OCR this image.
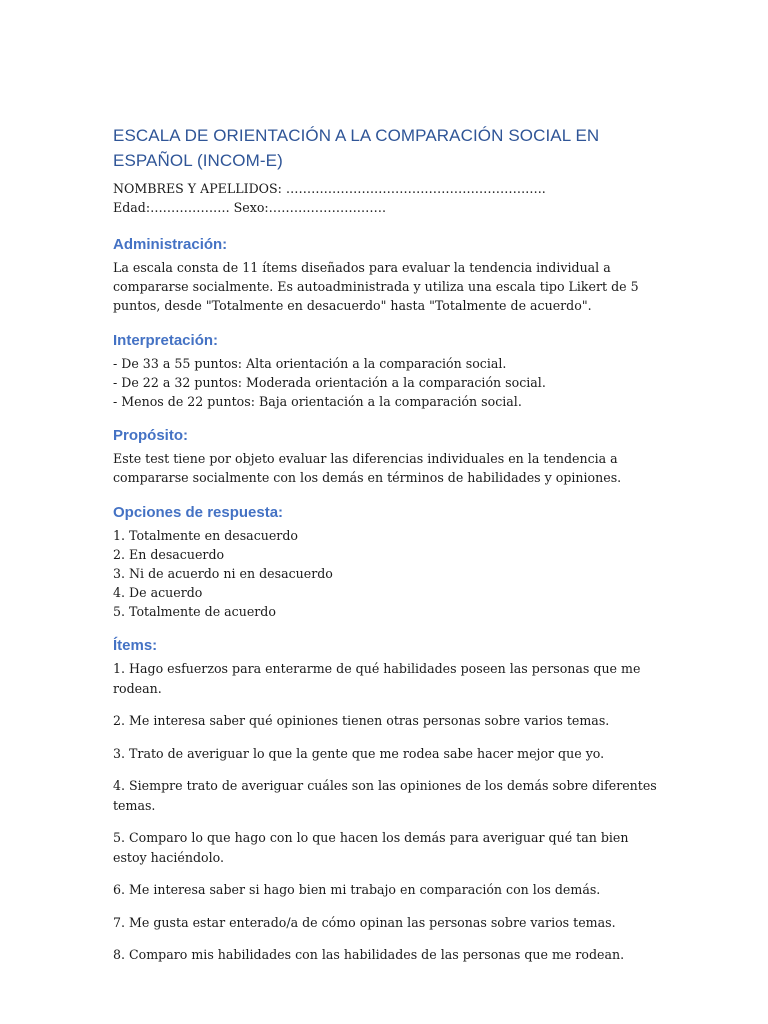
ESCALA DE ORIENTACIÓN A LA COMPARACIÓN SOCIAL EN ESPAÑOL (INCOM-E)

NOMBRES Y APELLIDOS: ……………………………………………………..

Edad:………………. Sexo:……………………….

Administración:

La escala consta de 11 ítems diseñados para evaluar la tendencia individual a compararse socialmente. Es autoadministrada y utiliza una escala tipo Likert de 5 puntos, desde "Totalmente en desacuerdo" hasta "Totalmente de acuerdo".

Interpretación:
- De 33 a 55 puntos: Alta orientación a la comparación social.
- De 22 a 32 puntos: Moderada orientación a la comparación social.
- Menos de 22 puntos: Baja orientación a la comparación social.
Propósito:

Este test tiene por objeto evaluar las diferencias individuales en la tendencia a compararse socialmente con los demás en términos de habilidades y opiniones.

Opciones de respuesta:
1. Totalmente en desacuerdo
2. En desacuerdo
3. Ni de acuerdo ni en desacuerdo
4. De acuerdo
5. Totalmente de acuerdo
Ítems:
1. Hago esfuerzos para enterarme de qué habilidades poseen las personas que me rodean.
2. Me interesa saber qué opiniones tienen otras personas sobre varios temas.
3. Trato de averiguar lo que la gente que me rodea sabe hacer mejor que yo.
4. Siempre trato de averiguar cuáles son las opiniones de los demás sobre diferentes temas.
5. Comparo lo que hago con lo que hacen los demás para averiguar qué tan bien estoy haciéndolo.
6. Me interesa saber si hago bien mi trabajo en comparación con los demás.
7. Me gusta estar enterado/a de cómo opinan las personas sobre varios temas.
8. Comparo mis habilidades con las habilidades de las personas que me rodean.
